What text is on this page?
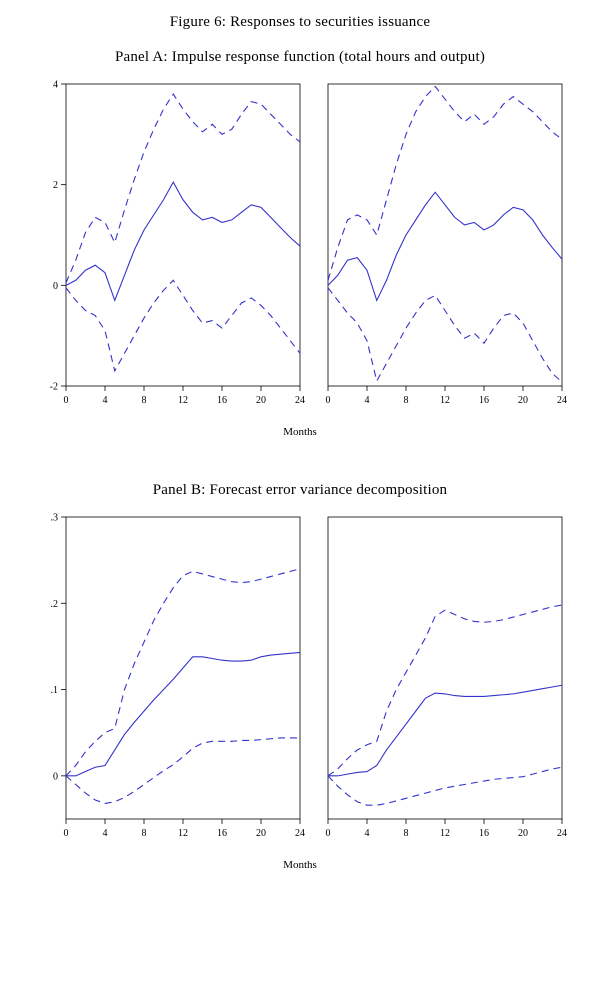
Figure 6: Responses to securities issuance
Panel A: Impulse response function (total hours and output)
0	4	8	12	16	20	24
-2
0
2
4
0	4	8	12	16	20	24
Months
Panel B: Forecast error variance decomposition
0	4	8	12	16	20	24
0
.1
.2
.3
0	4	8	12	16	20	24
Months
